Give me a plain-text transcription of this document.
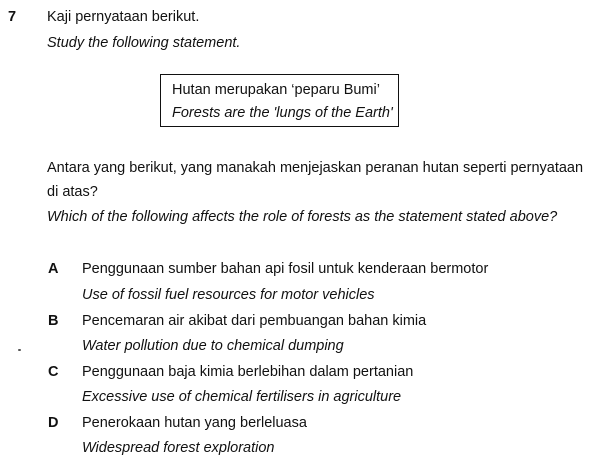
7 Kaji pernyataan berikut.
Study the following statement.
Hutan merupakan ‘peparu Bumi’
Forests are the 'lungs of the Earth'
Antara yang berikut, yang manakah menjejaskan peranan hutan seperti pernyataan
di atas?
Which of the following affects the role of forests as the statement stated above?
A Penggunaan sumber bahan api fosil untuk kenderaan bermotor
Use of fossil fuel resources for motor vehicles
B Pencemaran air akibat dari pembuangan bahan kimia
Water pollution due to chemical dumping
C Penggunaan baja kimia berlebihan dalam pertanian
Excessive use of chemical fertilisers in agriculture
D Penerokaan hutan yang berleluasa
Widespread forest exploration
